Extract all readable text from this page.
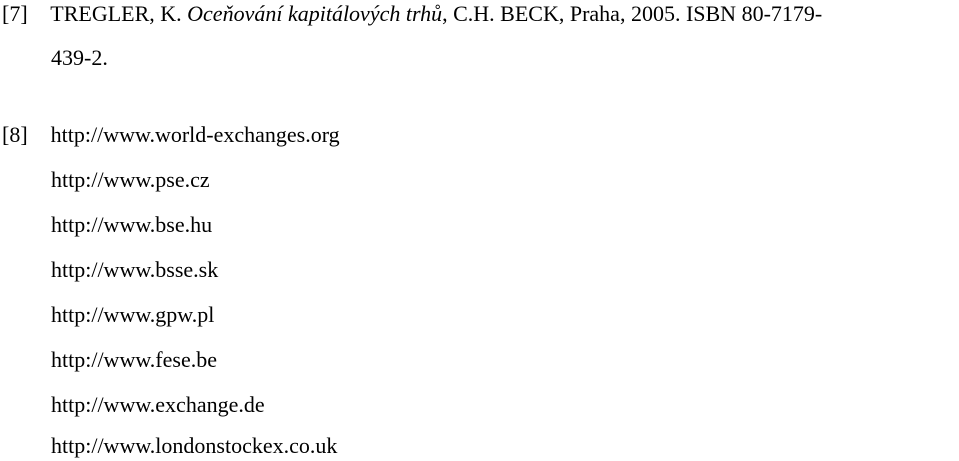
[7] TREGLER, K. Oceňování kapitálových trhů, C.H. BECK, Praha, 2005. ISBN 80-7179-
439-2.
[8] http://www.world-exchanges.org
http://www.pse.cz
http://www.bse.hu
http://www.bsse.sk
http://www.gpw.pl
http://www.fese.be
http://www.exchange.de
http://www.londonstockex.co.uk
